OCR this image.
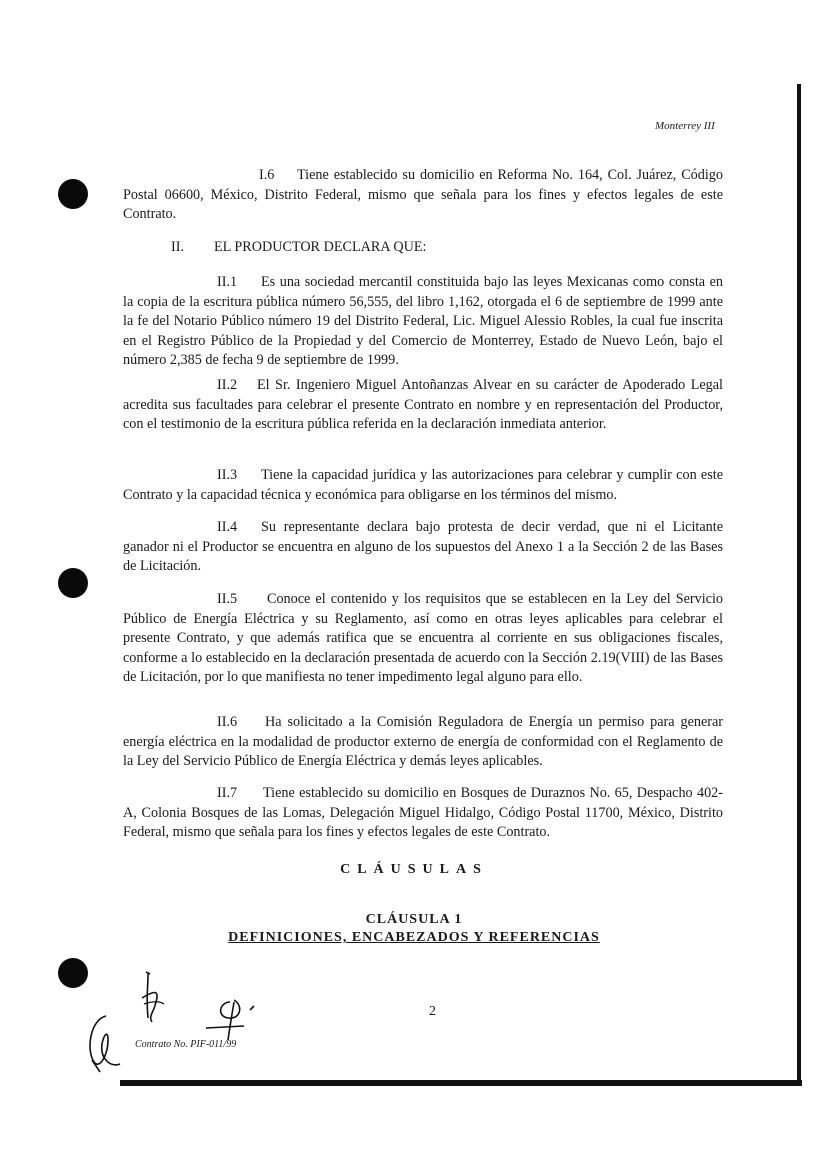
Monterrey III

I.6 Tiene establecido su domicilio en Reforma No. 164, Col. Juárez, Código Postal 06600, México, Distrito Federal, mismo que señala para los fines y efectos legales de este Contrato.

II. EL PRODUCTOR DECLARA QUE:

II.1 Es una sociedad mercantil constituida bajo las leyes Mexicanas como consta en la copia de la escritura pública número 56,555, del libro 1,162, otorgada el 6 de septiembre de 1999 ante la fe del Notario Público número 19 del Distrito Federal, Lic. Miguel Alessio Robles, la cual fue inscrita en el Registro Público de la Propiedad y del Comercio de Monterrey, Estado de Nuevo León, bajo el número 2,385 de fecha 9 de septiembre de 1999.

II.2 El Sr. Ingeniero Miguel Antoñanzas Alvear en su carácter de Apoderado Legal acredita sus facultades para celebrar el presente Contrato en nombre y en representación del Productor, con el testimonio de la escritura pública referida en la declaración inmediata anterior.

II.3 Tiene la capacidad jurídica y las autorizaciones para celebrar y cumplir con este Contrato y la capacidad técnica y económica para obligarse en los términos del mismo.

II.4 Su representante declara bajo protesta de decir verdad, que ni el Licitante ganador ni el Productor se encuentra en alguno de los supuestos del Anexo 1 a la Sección 2 de las Bases de Licitación.

II.5 Conoce el contenido y los requisitos que se establecen en la Ley del Servicio Público de Energía Eléctrica y su Reglamento, así como en otras leyes aplicables para celebrar el presente Contrato, y que además ratifica que se encuentra al corriente en sus obligaciones fiscales, conforme a lo establecido en la declaración presentada de acuerdo con la Sección 2.19(VIII) de las Bases de Licitación, por lo que manifiesta no tener impedimento legal alguno para ello.

II.6 Ha solicitado a la Comisión Reguladora de Energía un permiso para generar energía eléctrica en la modalidad de productor externo de energía de conformidad con el Reglamento de la Ley del Servicio Público de Energía Eléctrica y demás leyes aplicables.

II.7 Tiene establecido su domicilio en Bosques de Duraznos No. 65, Despacho 402-A, Colonia Bosques de las Lomas, Delegación Miguel Hidalgo, Código Postal 11700, México, Distrito Federal, mismo que señala para los fines y efectos legales de este Contrato.

CLÁUSULAS
CLÁUSULA 1
DEFINICIONES, ENCABEZADOS Y REFERENCIAS
2
Contrato No. PIF-011/99
